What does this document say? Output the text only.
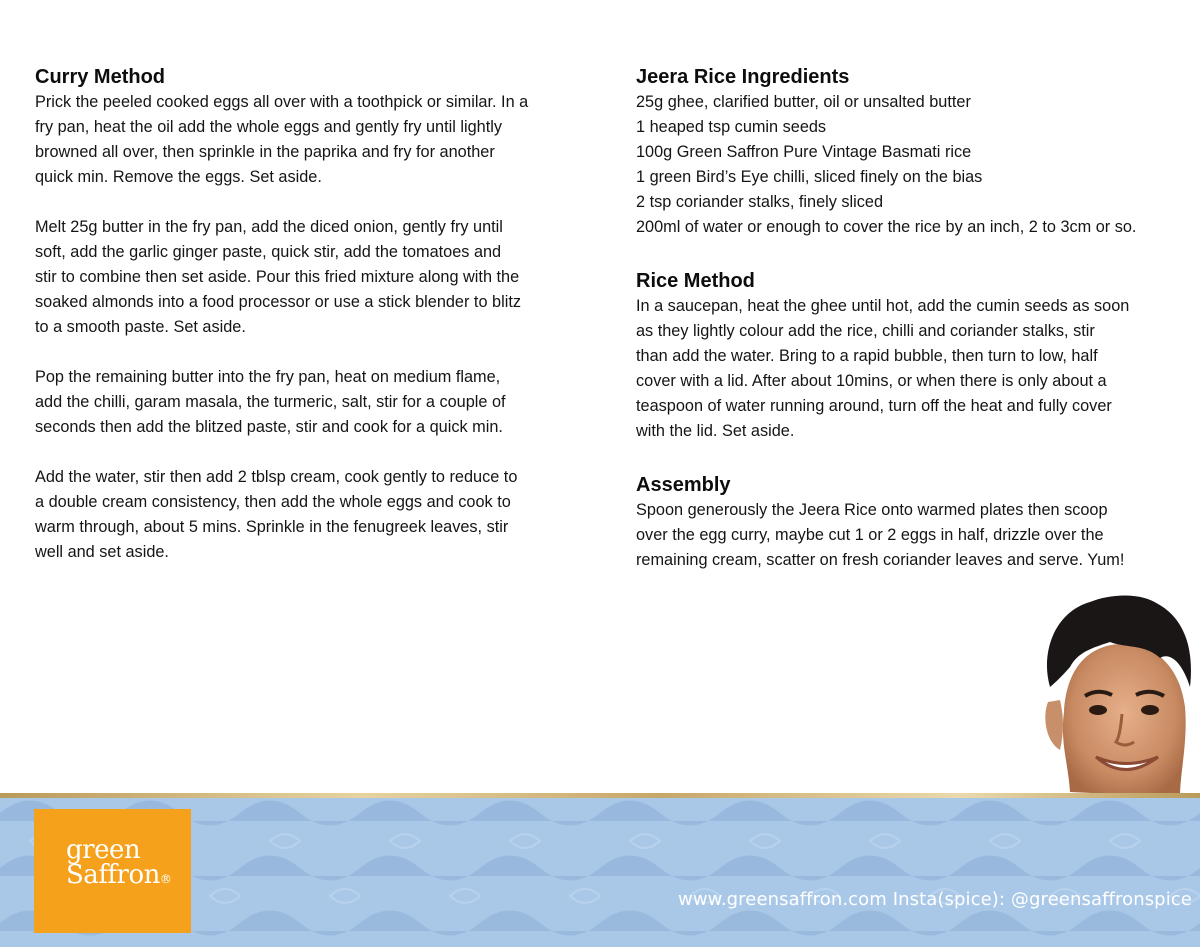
Curry Method

Prick the peeled cooked eggs all over with a toothpick or similar. In a
fry pan, heat the oil add the whole eggs and gently fry until lightly
browned all over, then sprinkle in the paprika and fry for another
quick min. Remove the eggs. Set aside.

Melt 25g butter in the fry pan, add the diced onion, gently fry until
soft, add the garlic ginger paste, quick stir, add the tomatoes and
stir to combine then set aside. Pour this fried mixture along with the
soaked almonds into a food processor or use a stick blender to blitz
to a smooth paste. Set aside.

Pop the remaining butter into the fry pan, heat on medium flame,
add the chilli, garam masala, the turmeric, salt, stir for a couple of
seconds then add the blitzed paste, stir and cook for a quick min.

Add the water, stir then add 2 tblsp cream, cook gently to reduce to
a double cream consistency, then add the whole eggs and cook to
warm through, about 5 mins. Sprinkle in the fenugreek leaves, stir
well and set aside.

Jeera Rice Ingredients

25g ghee, clarified butter, oil or unsalted butter
1 heaped tsp cumin seeds
100g Green Saffron Pure Vintage Basmati rice
1 green Bird’s Eye chilli, sliced finely on the bias
2 tsp coriander stalks, finely sliced
200ml of water or enough to cover the rice by an inch, 2 to 3cm or so.

Rice Method

In a saucepan, heat the ghee until hot, add the cumin seeds as soon
as they lightly colour add the rice, chilli and coriander stalks, stir
than add the water. Bring to a rapid bubble, then turn to low, half
cover with a lid. After about 10mins, or when there is only about a
teaspoon of water running around, turn off the heat and fully cover
with the lid. Set aside.

Assembly

Spoon generously the Jeera Rice onto warmed plates then scoop
over the egg curry, maybe cut 1 or 2 eggs in half, drizzle over the
remaining cream, scatter on fresh coriander leaves and serve. Yum!

green
Saffron®
www.greensaffron.com Insta(spice): @greensaffronspice
